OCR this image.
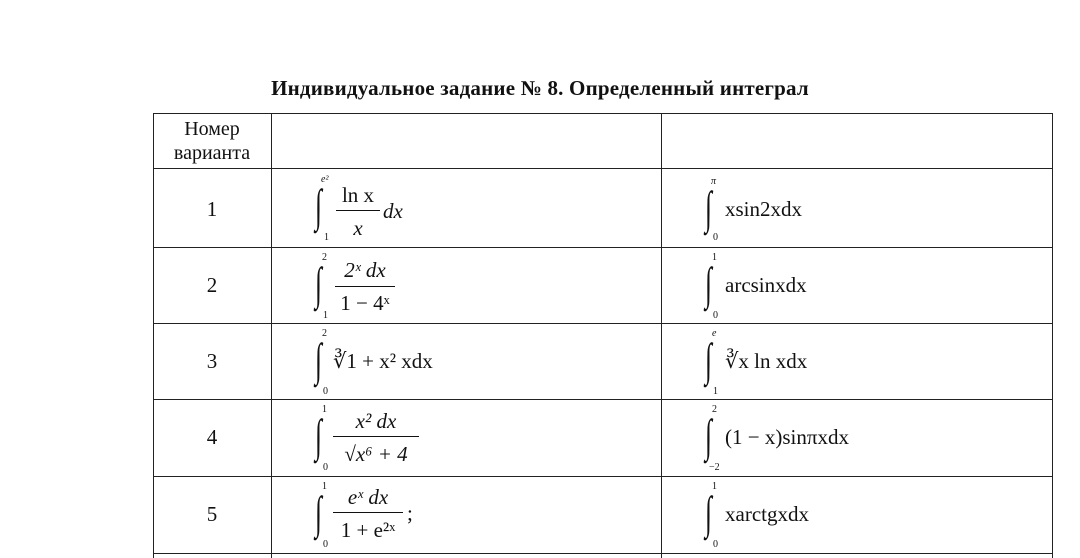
Индивидуальное задание № 8. Определенный интеграл
Номер
варианта
1
e²
∫
1
ln x
x
dx
π
∫
0
xsin2xdx
2
2
∫
1
2ˣ dx
1 − 4ˣ
1
∫
0
arcsinxdx
3
2
∫
0
∛1 + x² xdx
e
∫
1
∛x ln xdx
4
1
∫
0
x² dx
√x⁶ + 4
2
∫
−2
(1 − x)sinπxdx
5
1
∫
0
eˣ dx
1 + e²ˣ
;
1
∫
0
xarctgxdx
